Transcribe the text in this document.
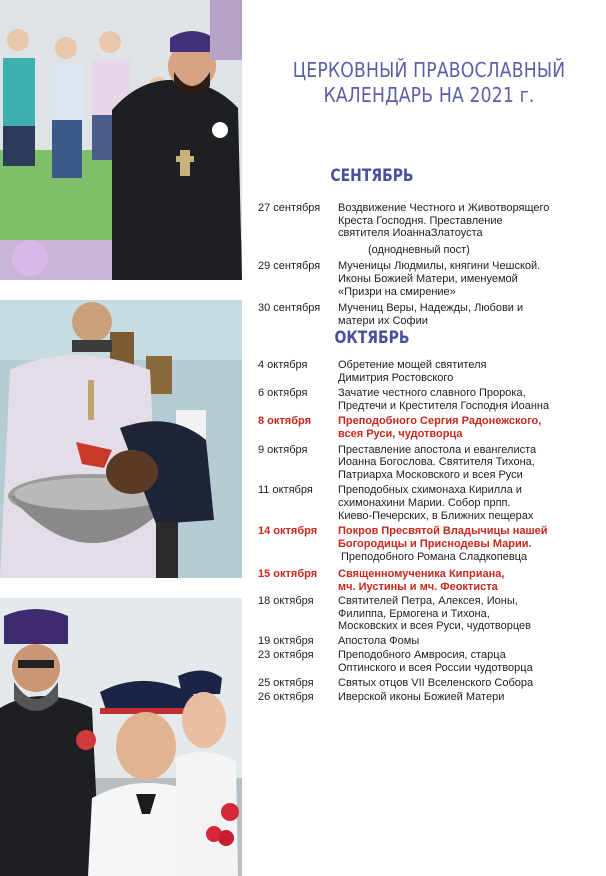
ЦЕРКОВНЫЙ ПРАВОСЛАВНЫЙ
КАЛЕНДАРЬ НА 2021 г.
СЕНТЯБРЬ
27 сентября	Воздвижение Честного и Животворящего
Креста Господня. Преставление
святителя ИоаннаЗлатоуста
(однодневный пост)
29 сентября	Мученицы Людмилы, княгини Чешской.
Иконы Божией Матери, именуемой
«Призри на смирение»
30 сентября	Мучениц Веры, Надежды, Любови и
матери их Софии
ОКТЯБРЬ
4 октября	Обретение мощей святителя
Димитрия Ростовского
6 октября	Зачатие честного славного Пророка,
Предтечи и Крестителя Господня Иоанна
8 октября	Преподобного Сергия Радонежского,
всея Руси, чудотворца
9 октября	Преставление апостола и евангелиста
Иоанна Богослова. Святителя Тихона,
Патриарха Московского и всея Руси
11 октября	Преподобных схимонаха Кирилла и
схимонахини Марии. Собор прпп.
Киево-Печерских, в Ближних пещерах
14 октября	Покров Пресвятой Владычицы нашей
Богородицы и Приснодевы Марии.
Преподобного Романа Сладкопевца
15 октября	Священномученика Киприана,
мч. Иустины и мч. Феоктиста
18 октября	Святителей Петра, Алексея, Ионы,
Филиппа, Ермогена и Тихона,
Московских и всея Руси, чудотворцев
19 октября	Апостола Фомы
23 октября	Преподобного Амвросия, старца
Оптинского и всея России чудотворца
25 октября	Святых отцов VII Вселенского Собора
26 октября	Иверской иконы Божией Матери
